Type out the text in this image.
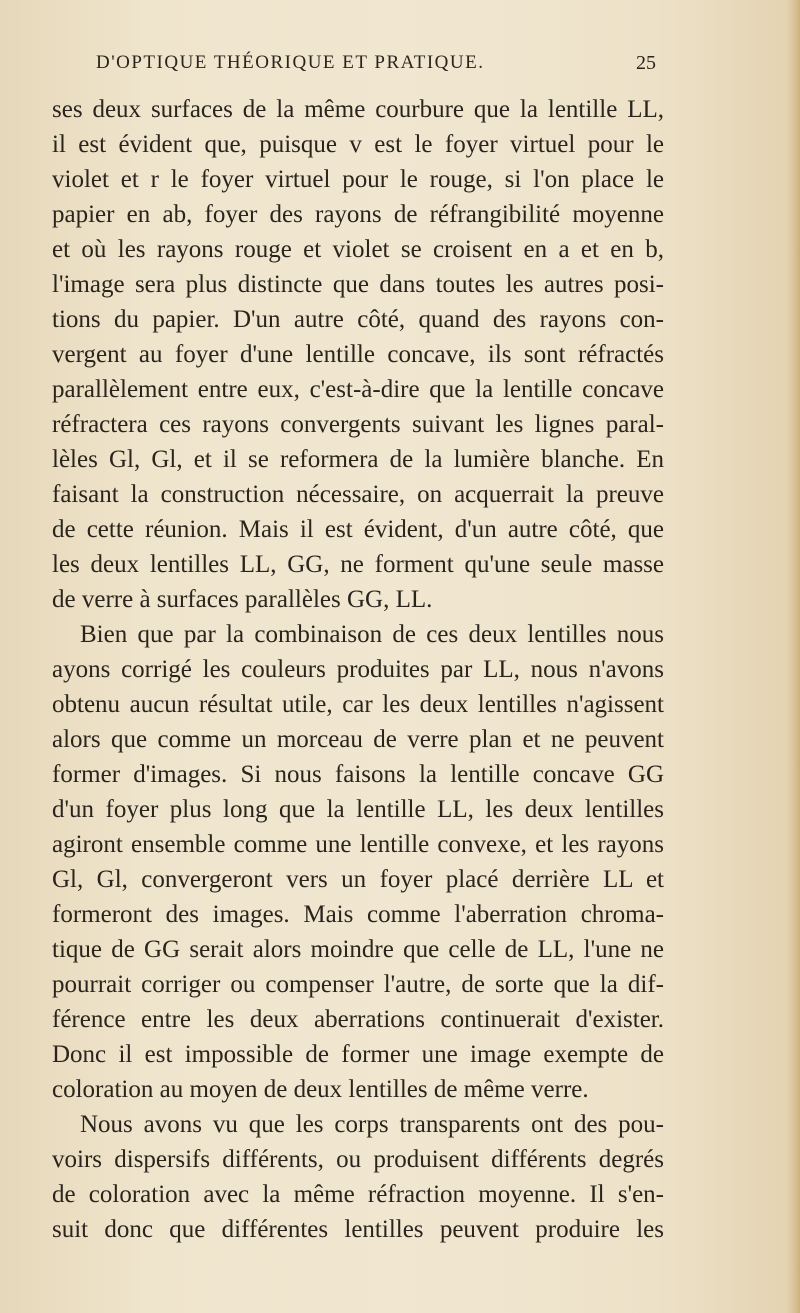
D'OPTIQUE THÉORIQUE ET PRATIQUE.	25
ses deux surfaces de la même courbure que la lentille LL,
il est évident que, puisque v est le foyer virtuel pour le
violet et r le foyer virtuel pour le rouge, si l'on place le
papier en ab, foyer des rayons de réfrangibilité moyenne
et où les rayons rouge et violet se croisent en a et en b,
l'image sera plus distincte que dans toutes les autres posi-
tions du papier. D'un autre côté, quand des rayons con-
vergent au foyer d'une lentille concave, ils sont réfractés
parallèlement entre eux, c'est-à-dire que la lentille concave
réfractera ces rayons convergents suivant les lignes paral-
lèles Gl, Gl, et il se reformera de la lumière blanche. En
faisant la construction nécessaire, on acquerrait la preuve
de cette réunion. Mais il est évident, d'un autre côté, que
les deux lentilles LL, GG, ne forment qu'une seule masse
de verre à surfaces parallèles GG, LL.
Bien que par la combinaison de ces deux lentilles nous
ayons corrigé les couleurs produites par LL, nous n'avons
obtenu aucun résultat utile, car les deux lentilles n'agissent
alors que comme un morceau de verre plan et ne peuvent
former d'images. Si nous faisons la lentille concave GG
d'un foyer plus long que la lentille LL, les deux lentilles
agiront ensemble comme une lentille convexe, et les rayons
Gl, Gl, convergeront vers un foyer placé derrière LL et
formeront des images. Mais comme l'aberration chroma-
tique de GG serait alors moindre que celle de LL, l'une ne
pourrait corriger ou compenser l'autre, de sorte que la dif-
férence entre les deux aberrations continuerait d'exister.
Donc il est impossible de former une image exempte de
coloration au moyen de deux lentilles de même verre.
Nous avons vu que les corps transparents ont des pou-
voirs dispersifs différents, ou produisent différents degrés
de coloration avec la même réfraction moyenne. Il s'en-
suit donc que différentes lentilles peuvent produire les
